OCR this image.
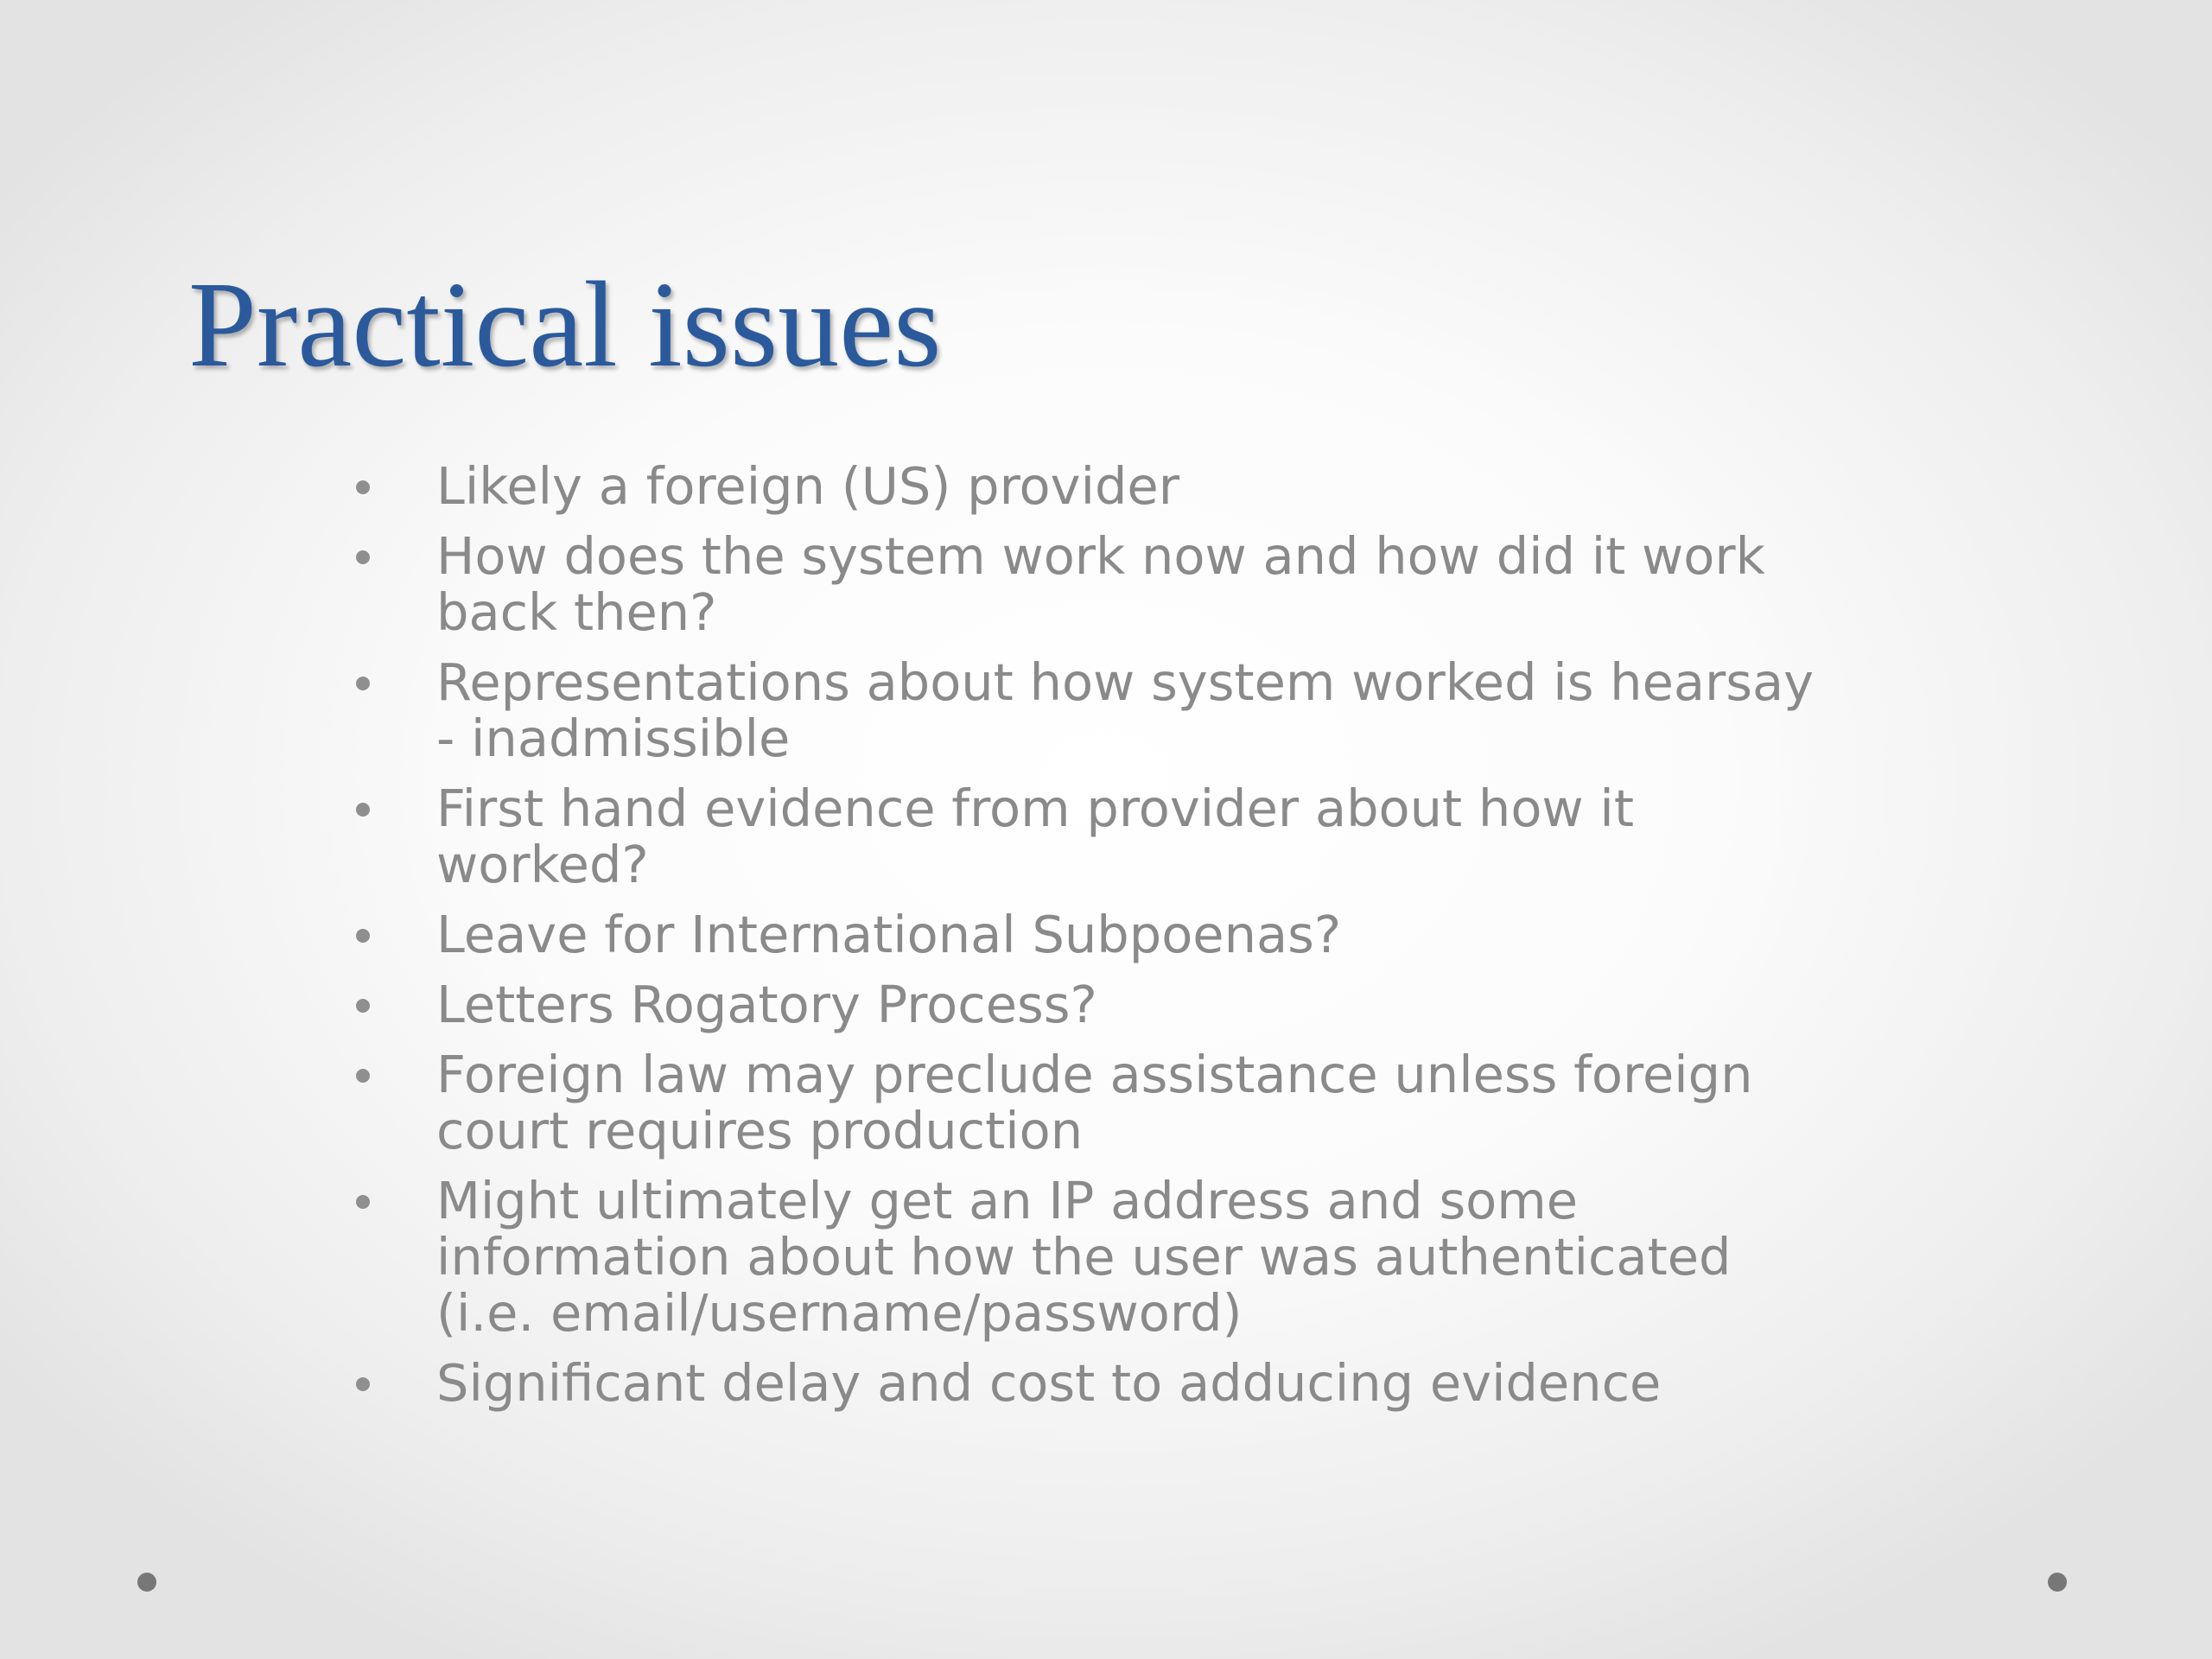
Practical issues
Likely a foreign (US) provider
How does the system work now and how did it work back then?
Representations about how system worked is hearsay - inadmissible
First hand evidence from provider about how it worked?
Leave for International Subpoenas?
Letters Rogatory Process?
Foreign law may preclude assistance unless foreign court requires production
Might ultimately get an IP address and some information about how the user was authenticated (i.e. email/username/password)
Significant delay and cost to adducing evidence
